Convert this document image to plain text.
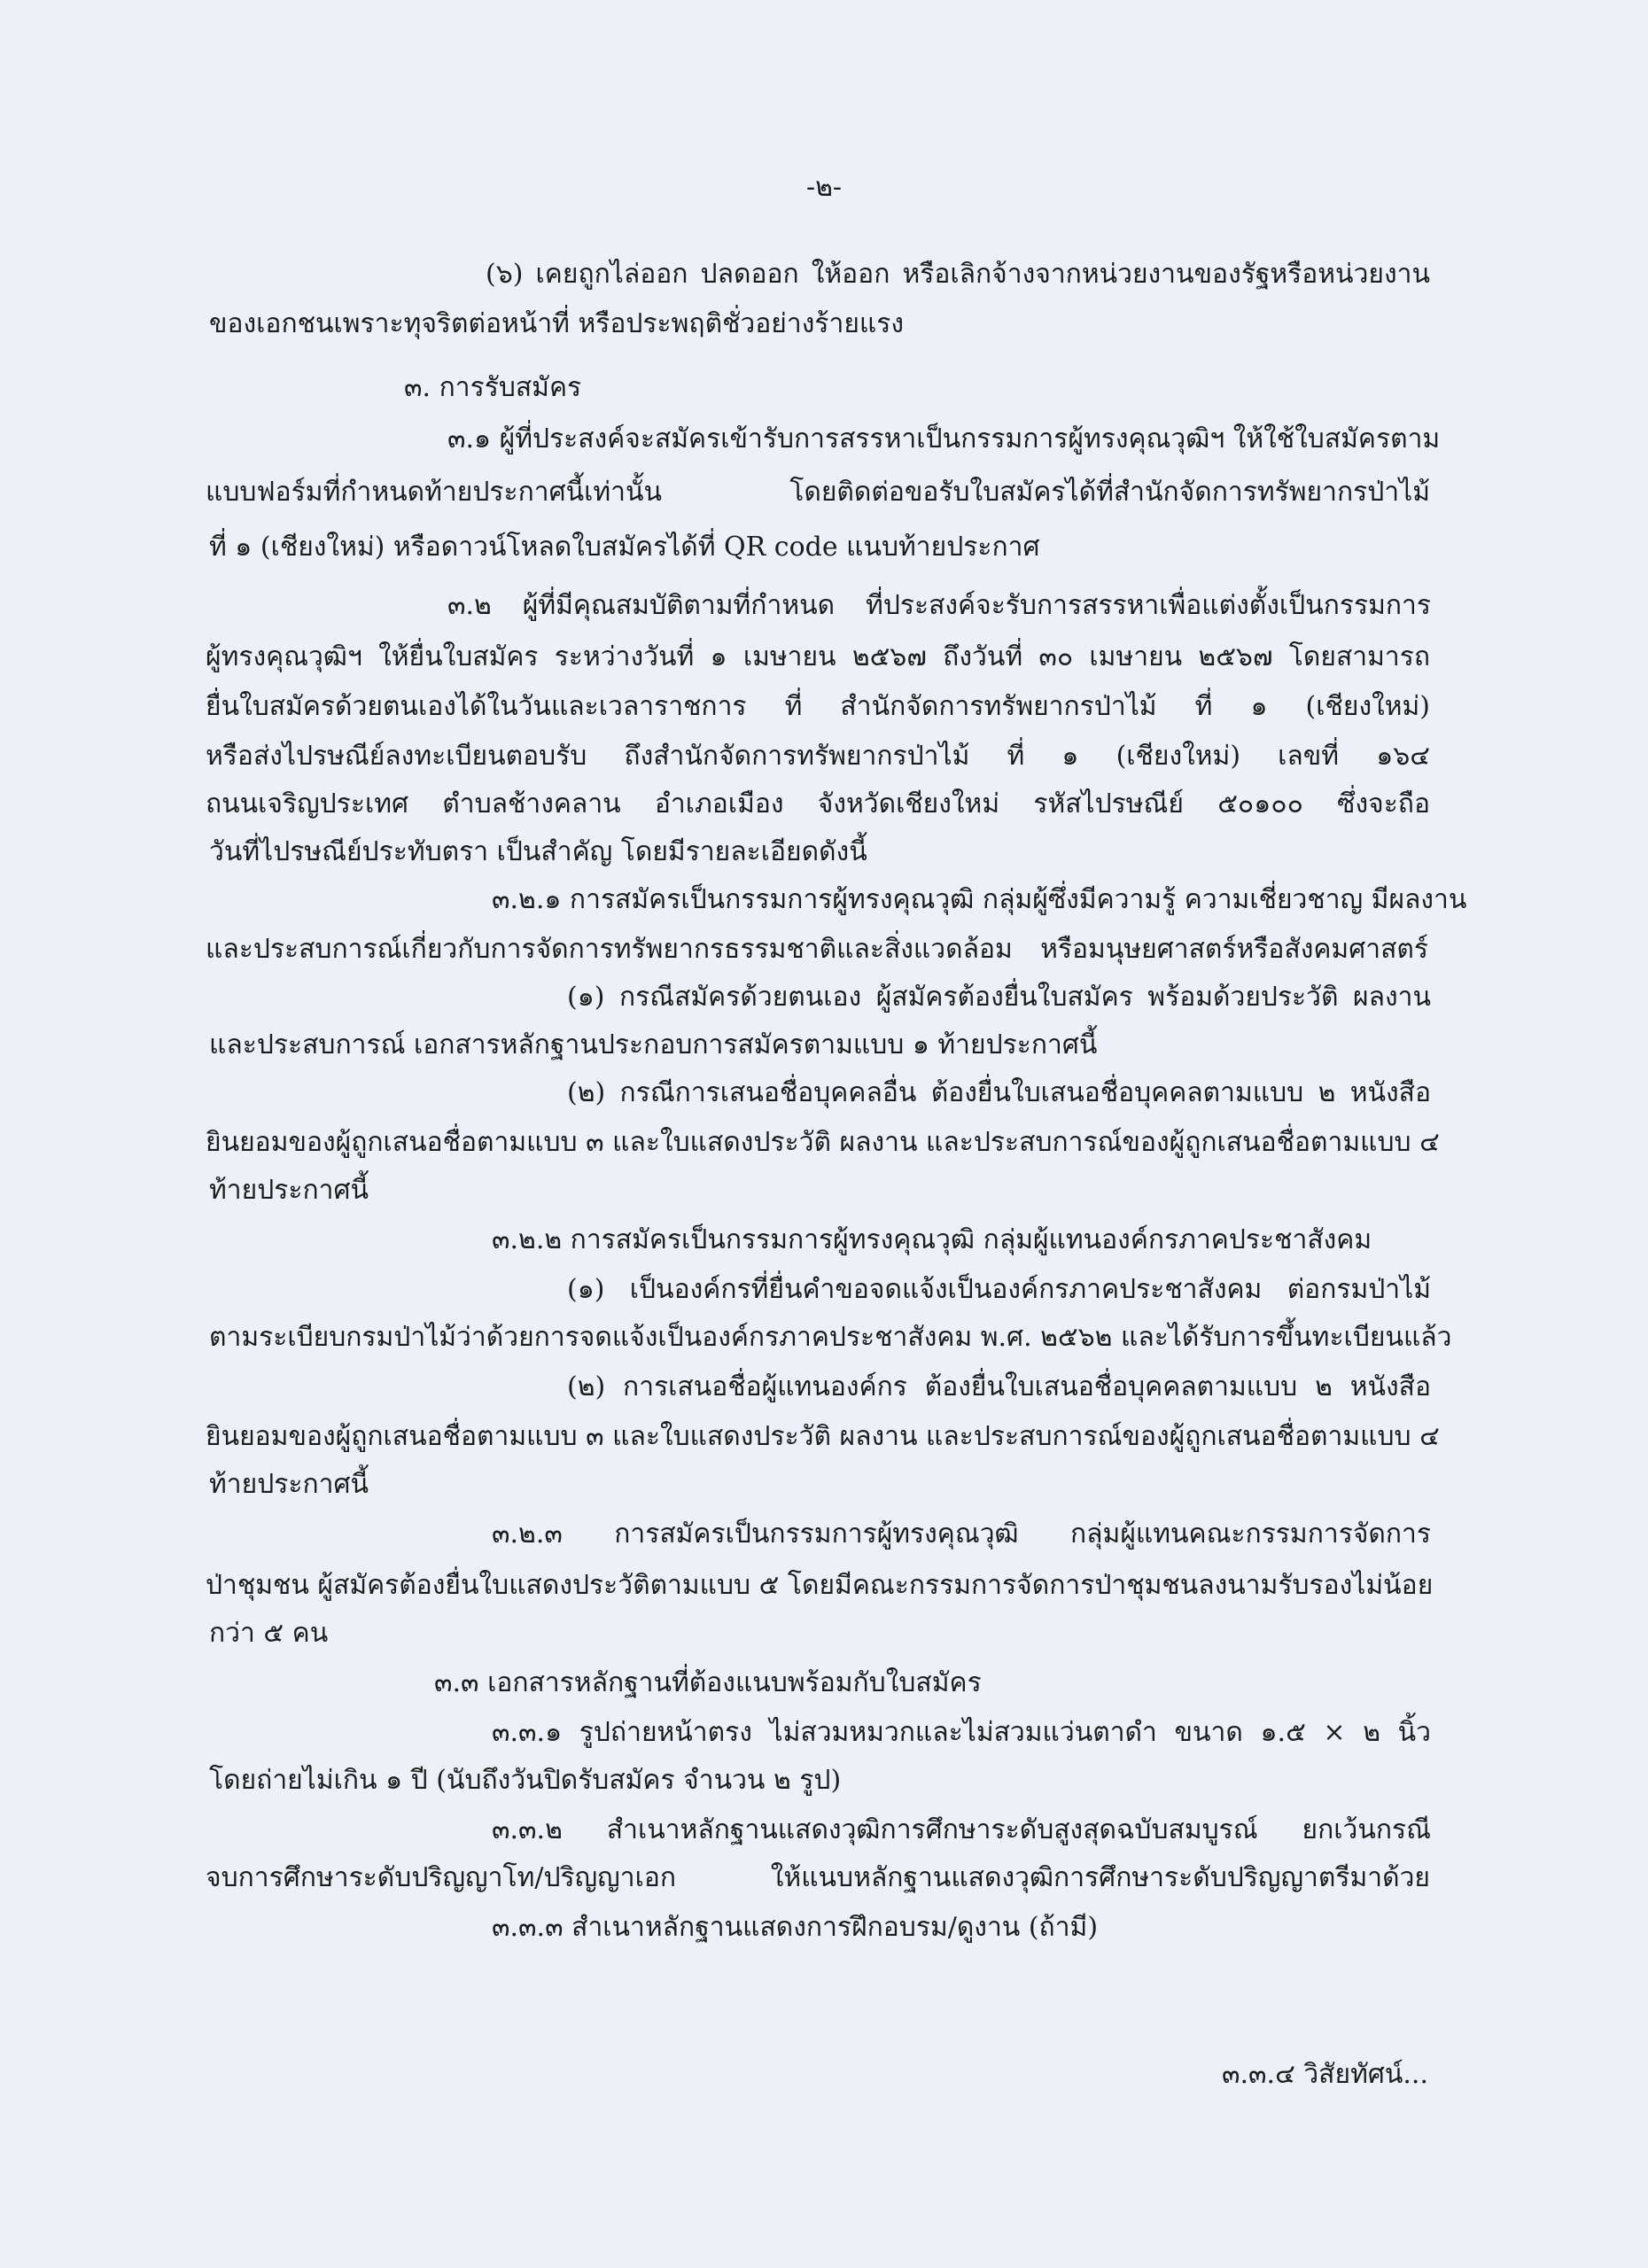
-๒-
(๖) เคยถูกไล่ออก ปลดออก ให้ออก หรือเลิกจ้างจากหน่วยงานของรัฐหรือหน่วยงาน
ของเอกชนเพราะทุจริตต่อหน้าที่ หรือประพฤติชั่วอย่างร้ายแรง
๓. การรับสมัคร
๓.๑ ผู้ที่ประสงค์จะสมัครเข้ารับการสรรหาเป็นกรรมการผู้ทรงคุณวุฒิฯ ให้ใช้ใบสมัครตาม
แบบฟอร์มที่กำหนดท้ายประกาศนี้เท่านั้น โดยติดต่อขอรับใบสมัครได้ที่สำนักจัดการทรัพยากรป่าไม้
ที่ ๑ (เชียงใหม่) หรือดาวน์โหลดใบสมัครได้ที่ QR code แนบท้ายประกาศ
๓.๒ ผู้ที่มีคุณสมบัติตามที่กำหนด ที่ประสงค์จะรับการสรรหาเพื่อแต่งตั้งเป็นกรรมการ
ผู้ทรงคุณวุฒิฯ ให้ยื่นใบสมัคร ระหว่างวันที่ ๑ เมษายน ๒๕๖๗ ถึงวันที่ ๓๐ เมษายน ๒๕๖๗ โดยสามารถ
ยื่นใบสมัครด้วยตนเองได้ในวันและเวลาราชการ ที่ สำนักจัดการทรัพยากรป่าไม้ ที่ ๑ (เชียงใหม่)
หรือส่งไปรษณีย์ลงทะเบียนตอบรับ ถึงสำนักจัดการทรัพยากรป่าไม้ ที่ ๑ (เชียงใหม่) เลขที่ ๑๖๔
ถนนเจริญประเทศ ตำบลช้างคลาน อำเภอเมือง จังหวัดเชียงใหม่ รหัสไปรษณีย์ ๕๐๑๐๐ ซึ่งจะถือ
วันที่ไปรษณีย์ประทับตรา เป็นสำคัญ โดยมีรายละเอียดดังนี้
๓.๒.๑ การสมัครเป็นกรรมการผู้ทรงคุณวุฒิ กลุ่มผู้ซึ่งมีความรู้ ความเชี่ยวชาญ มีผลงาน
และประสบการณ์เกี่ยวกับการจัดการทรัพยากรธรรมชาติและสิ่งแวดล้อม หรือมนุษยศาสตร์หรือสังคมศาสตร์
(๑) กรณีสมัครด้วยตนเอง ผู้สมัครต้องยื่นใบสมัคร พร้อมด้วยประวัติ ผลงาน
และประสบการณ์ เอกสารหลักฐานประกอบการสมัครตามแบบ ๑ ท้ายประกาศนี้
(๒) กรณีการเสนอชื่อบุคคลอื่น ต้องยื่นใบเสนอชื่อบุคคลตามแบบ ๒ หนังสือ
ยินยอมของผู้ถูกเสนอชื่อตามแบบ ๓ และใบแสดงประวัติ ผลงาน และประสบการณ์ของผู้ถูกเสนอชื่อตามแบบ ๔
ท้ายประกาศนี้
๓.๒.๒ การสมัครเป็นกรรมการผู้ทรงคุณวุฒิ กลุ่มผู้แทนองค์กรภาคประชาสังคม
(๑) เป็นองค์กรที่ยื่นคำขอจดแจ้งเป็นองค์กรภาคประชาสังคม ต่อกรมป่าไม้
ตามระเบียบกรมป่าไม้ว่าด้วยการจดแจ้งเป็นองค์กรภาคประชาสังคม พ.ศ. ๒๕๖๒ และได้รับการขึ้นทะเบียนแล้ว
(๒) การเสนอชื่อผู้แทนองค์กร ต้องยื่นใบเสนอชื่อบุคคลตามแบบ ๒ หนังสือ
ยินยอมของผู้ถูกเสนอชื่อตามแบบ ๓ และใบแสดงประวัติ ผลงาน และประสบการณ์ของผู้ถูกเสนอชื่อตามแบบ ๔
ท้ายประกาศนี้
๓.๒.๓ การสมัครเป็นกรรมการผู้ทรงคุณวุฒิ กลุ่มผู้แทนคณะกรรมการจัดการ
ป่าชุมชน ผู้สมัครต้องยื่นใบแสดงประวัติตามแบบ ๕ โดยมีคณะกรรมการจัดการป่าชุมชนลงนามรับรองไม่น้อย
กว่า ๕ คน
๓.๓ เอกสารหลักฐานที่ต้องแนบพร้อมกับใบสมัคร
๓.๓.๑ รูปถ่ายหน้าตรง ไม่สวมหมวกและไม่สวมแว่นตาดำ ขนาด ๑.๕ × ๒ นิ้ว
โดยถ่ายไม่เกิน ๑ ปี (นับถึงวันปิดรับสมัคร จำนวน ๒ รูป)
๓.๓.๒ สำเนาหลักฐานแสดงวุฒิการศึกษาระดับสูงสุดฉบับสมบูรณ์ ยกเว้นกรณี
จบการศึกษาระดับปริญญาโท/ปริญญาเอก ให้แนบหลักฐานแสดงวุฒิการศึกษาระดับปริญญาตรีมาด้วย
๓.๓.๓ สำเนาหลักฐานแสดงการฝึกอบรม/ดูงาน (ถ้ามี)
๓.๓.๔ วิสัยทัศน์...
